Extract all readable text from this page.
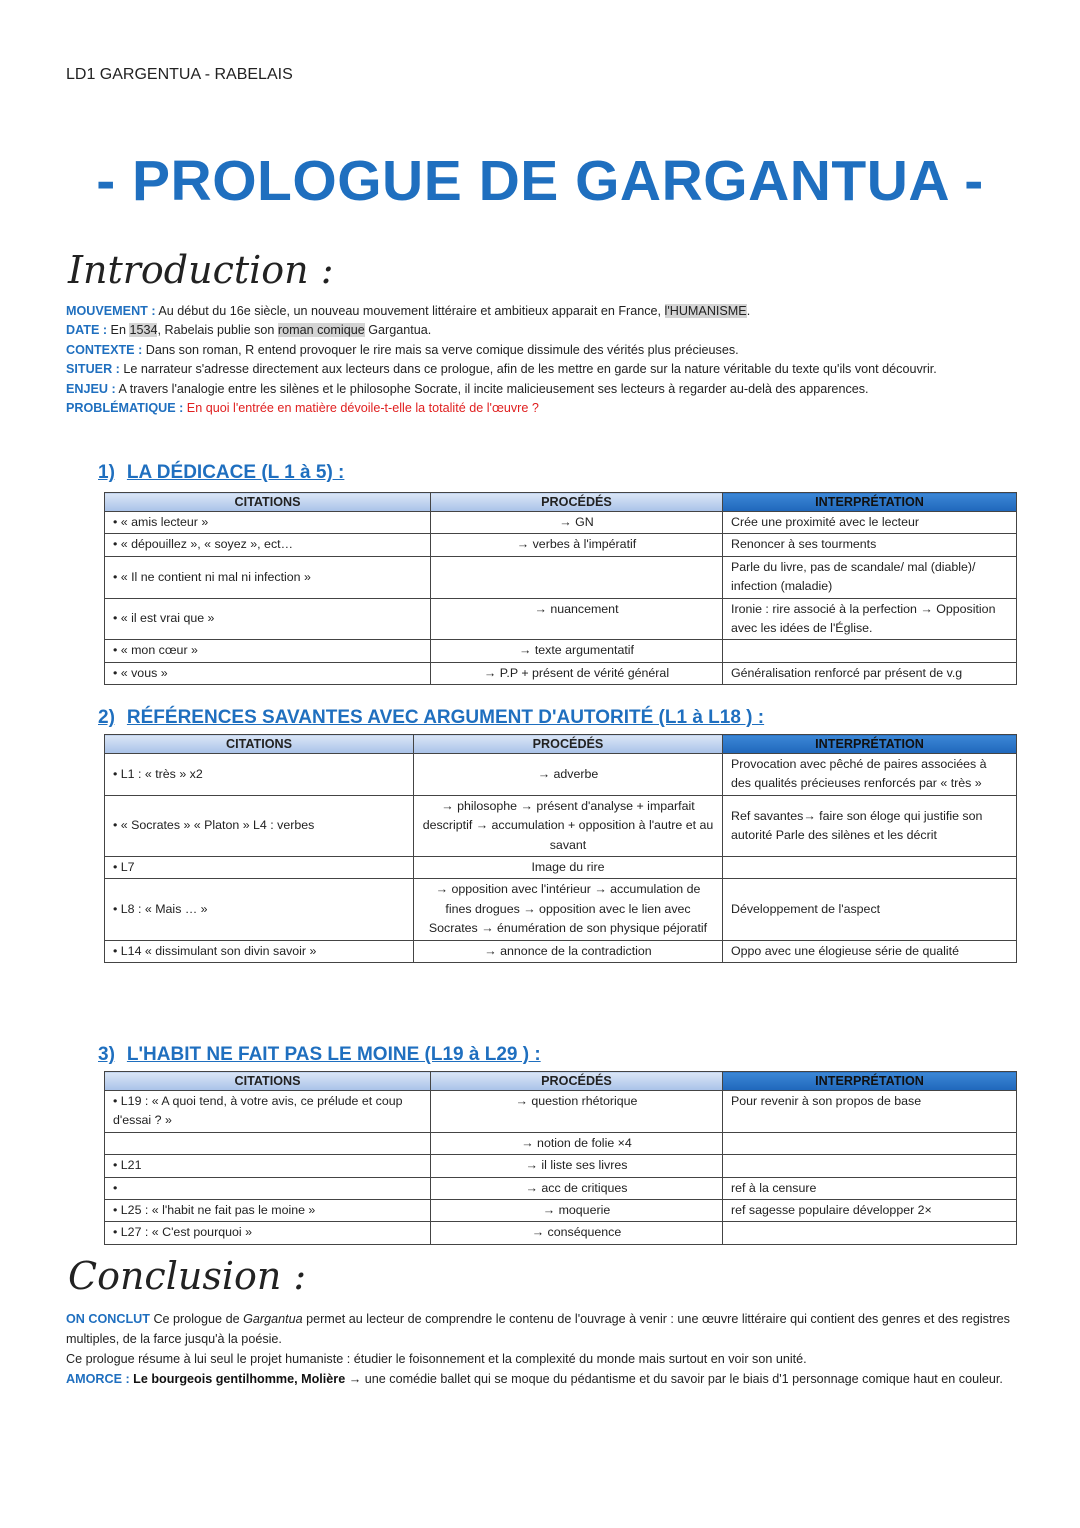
LD1 GARGENTUA - RABELAIS
- PROLOGUE DE GARGANTUA -
Introduction :

MOUVEMENT : Au début du 16e siècle, un nouveau mouvement littéraire et ambitieux apparait en France, l'HUMANISME.

DATE : En 1534, Rabelais publie son roman comique Gargantua.

CONTEXTE : Dans son roman, R entend provoquer le rire mais sa verve comique dissimule des vérités plus précieuses.

SITUER : Le narrateur s'adresse directement aux lecteurs dans ce prologue, afin de les mettre en garde sur la nature véritable du texte qu'ils vont découvrir.

ENJEU : A travers l'analogie entre les silènes et le philosophe Socrate, il incite malicieusement ses lecteurs à regarder au-delà des apparences.

PROBLÉMATIQUE : En quoi l'entrée en matière dévoile-t-elle la totalité de l'œuvre ?

1) LA DÉDICACE (L 1 à 5) :
CITATIONS	PROCÉDÉS	INTERPRÉTATION
• « amis lecteur »	→ GN	Crée une proximité avec le lecteur
• « dépouillez », « soyez », ect…	→ verbes à l'impératif	Renoncer à ses tourments
• « Il ne contient ni mal ni infection »		Parle du livre, pas de scandale/ mal (diable)/ infection (maladie)
• « il est vrai que »	→ nuancement	Ironie : rire associé à la perfection → Opposition avec les idées de l'Église.
• « mon cœur »	→ texte argumentatif	
• « vous »	→ P.P + présent de vérité général	Généralisation renforcé par présent de v.g
2) RÉFÉRENCES SAVANTES AVEC ARGUMENT D'AUTORITÉ (L1 à L18 ) :
CITATIONS	PROCÉDÉS	INTERPRÉTATION
• L1 : « très » x2	→ adverbe	Provocation avec pêché de paires associées à des qualités précieuses renforcés par « très »
• « Socrates » « Platon » L4 : verbes	→ philosophe → présent d'analyse + imparfait descriptif → accumulation + opposition à l'autre et au savant	Ref savantes→ faire son éloge qui justifie son autorité Parle des silènes et les décrit
• L7	Image du rire	
• L8 : « Mais … »	→ opposition avec l'intérieur → accumulation de fines drogues → opposition avec le lien avec Socrates → énumération de son physique péjoratif	Développement de l'aspect
• L14 « dissimulant son divin savoir »	→ annonce de la contradiction	Oppo avec une élogieuse série de qualité
3) L'HABIT NE FAIT PAS LE MOINE (L19 à L29 ) :
CITATIONS	PROCÉDÉS	INTERPRÉTATION
• L19 : « A quoi tend, à votre avis, ce prélude et coup d'essai ? »	→ question rhétorique	Pour revenir à son propos de base
	→ notion de folie ×4	
• L21	→ il liste ses livres	
•	→ acc de critiques	ref à la censure
• L25 : « l'habit ne fait pas le moine »	→ moquerie	ref sagesse populaire développer 2×
• L27 : « C'est pourquoi »	→ conséquence	
Conclusion :

ON CONCLUT Ce prologue de Gargantua permet au lecteur de comprendre le contenu de l'ouvrage à venir : une œuvre littéraire qui contient des genres et des registres multiples, de la farce jusqu'à la poésie.

Ce prologue résume à lui seul le projet humaniste : étudier le foisonnement et la complexité du monde mais surtout en voir son unité.

AMORCE : Le bourgeois gentilhomme, Molière → une comédie ballet qui se moque du pédantisme et du savoir par le biais d'1 personnage comique haut en couleur.
